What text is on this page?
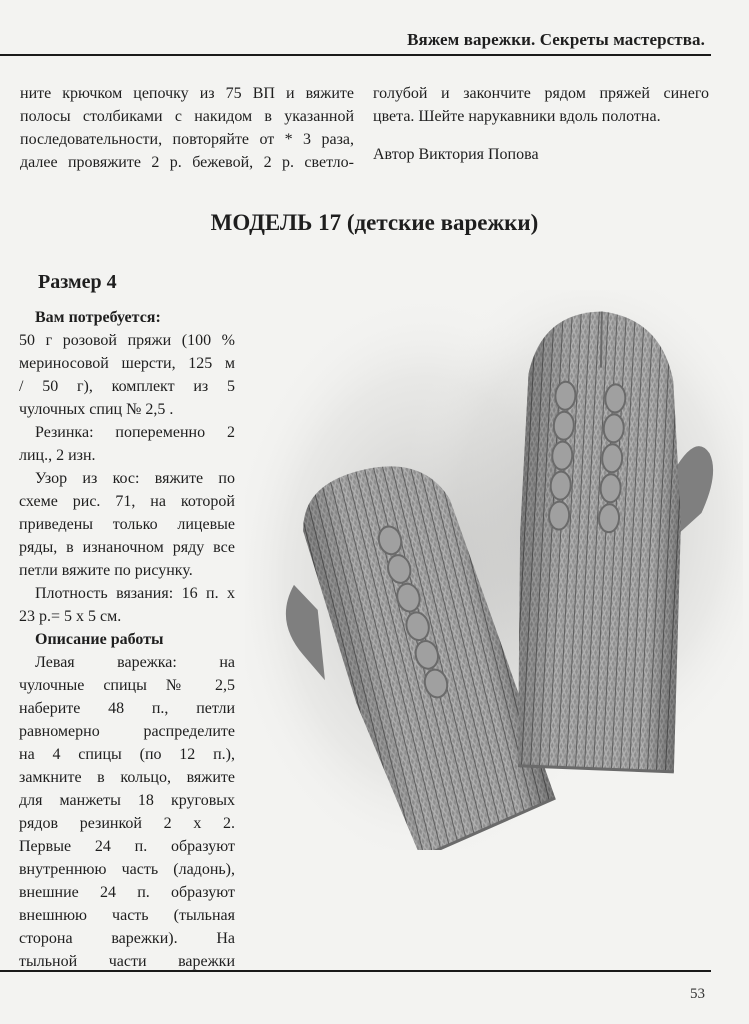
Вяжем варежки. Секреты мастерства.

ните крючком цепочку из 75 ВП и вяжите

полосы столбиками с накидом в указанной

последовательности, повторяйте от * 3 раза,

далее провяжите 2 р. бежевой, 2 р. светло-

голубой и закончите рядом пряжей синего

цвета. Шейте нарукавники вдоль полотна.

Автор Виктория Попова

МОДЕЛЬ 17 (детские варежки)
Размер 4

Вам потребуется:

50 г розовой пряжи (100 %

мериносовой шерсти, 125 м

/ 50 г), комплект из 5

чулочных спиц № 2,5 .

Резинка: попеременно 2

лиц., 2 изн.

Узор из кос: вяжите по

схеме рис. 71, на которой

приведены только лицевые

ряды, в изнаночном ряду все

петли вяжите по рисунку.

Плотность вязания: 16 п. х

23 р.= 5 х 5 см.

Описание работы

Левая варежка: на

чулочные спицы № 2,5

наберите 48 п., петли

равномерно распределите

на 4 спицы (по 12 п.),

замкните в кольцо, вяжите

для манжеты 18 круговых

рядов резинкой 2 х 2.

Первые 24 п. образуют

внутреннюю часть (ладонь),

внешние 24 п. образуют

внешнюю часть (тыльная

сторона варежки). На

тыльной части варежки

53
